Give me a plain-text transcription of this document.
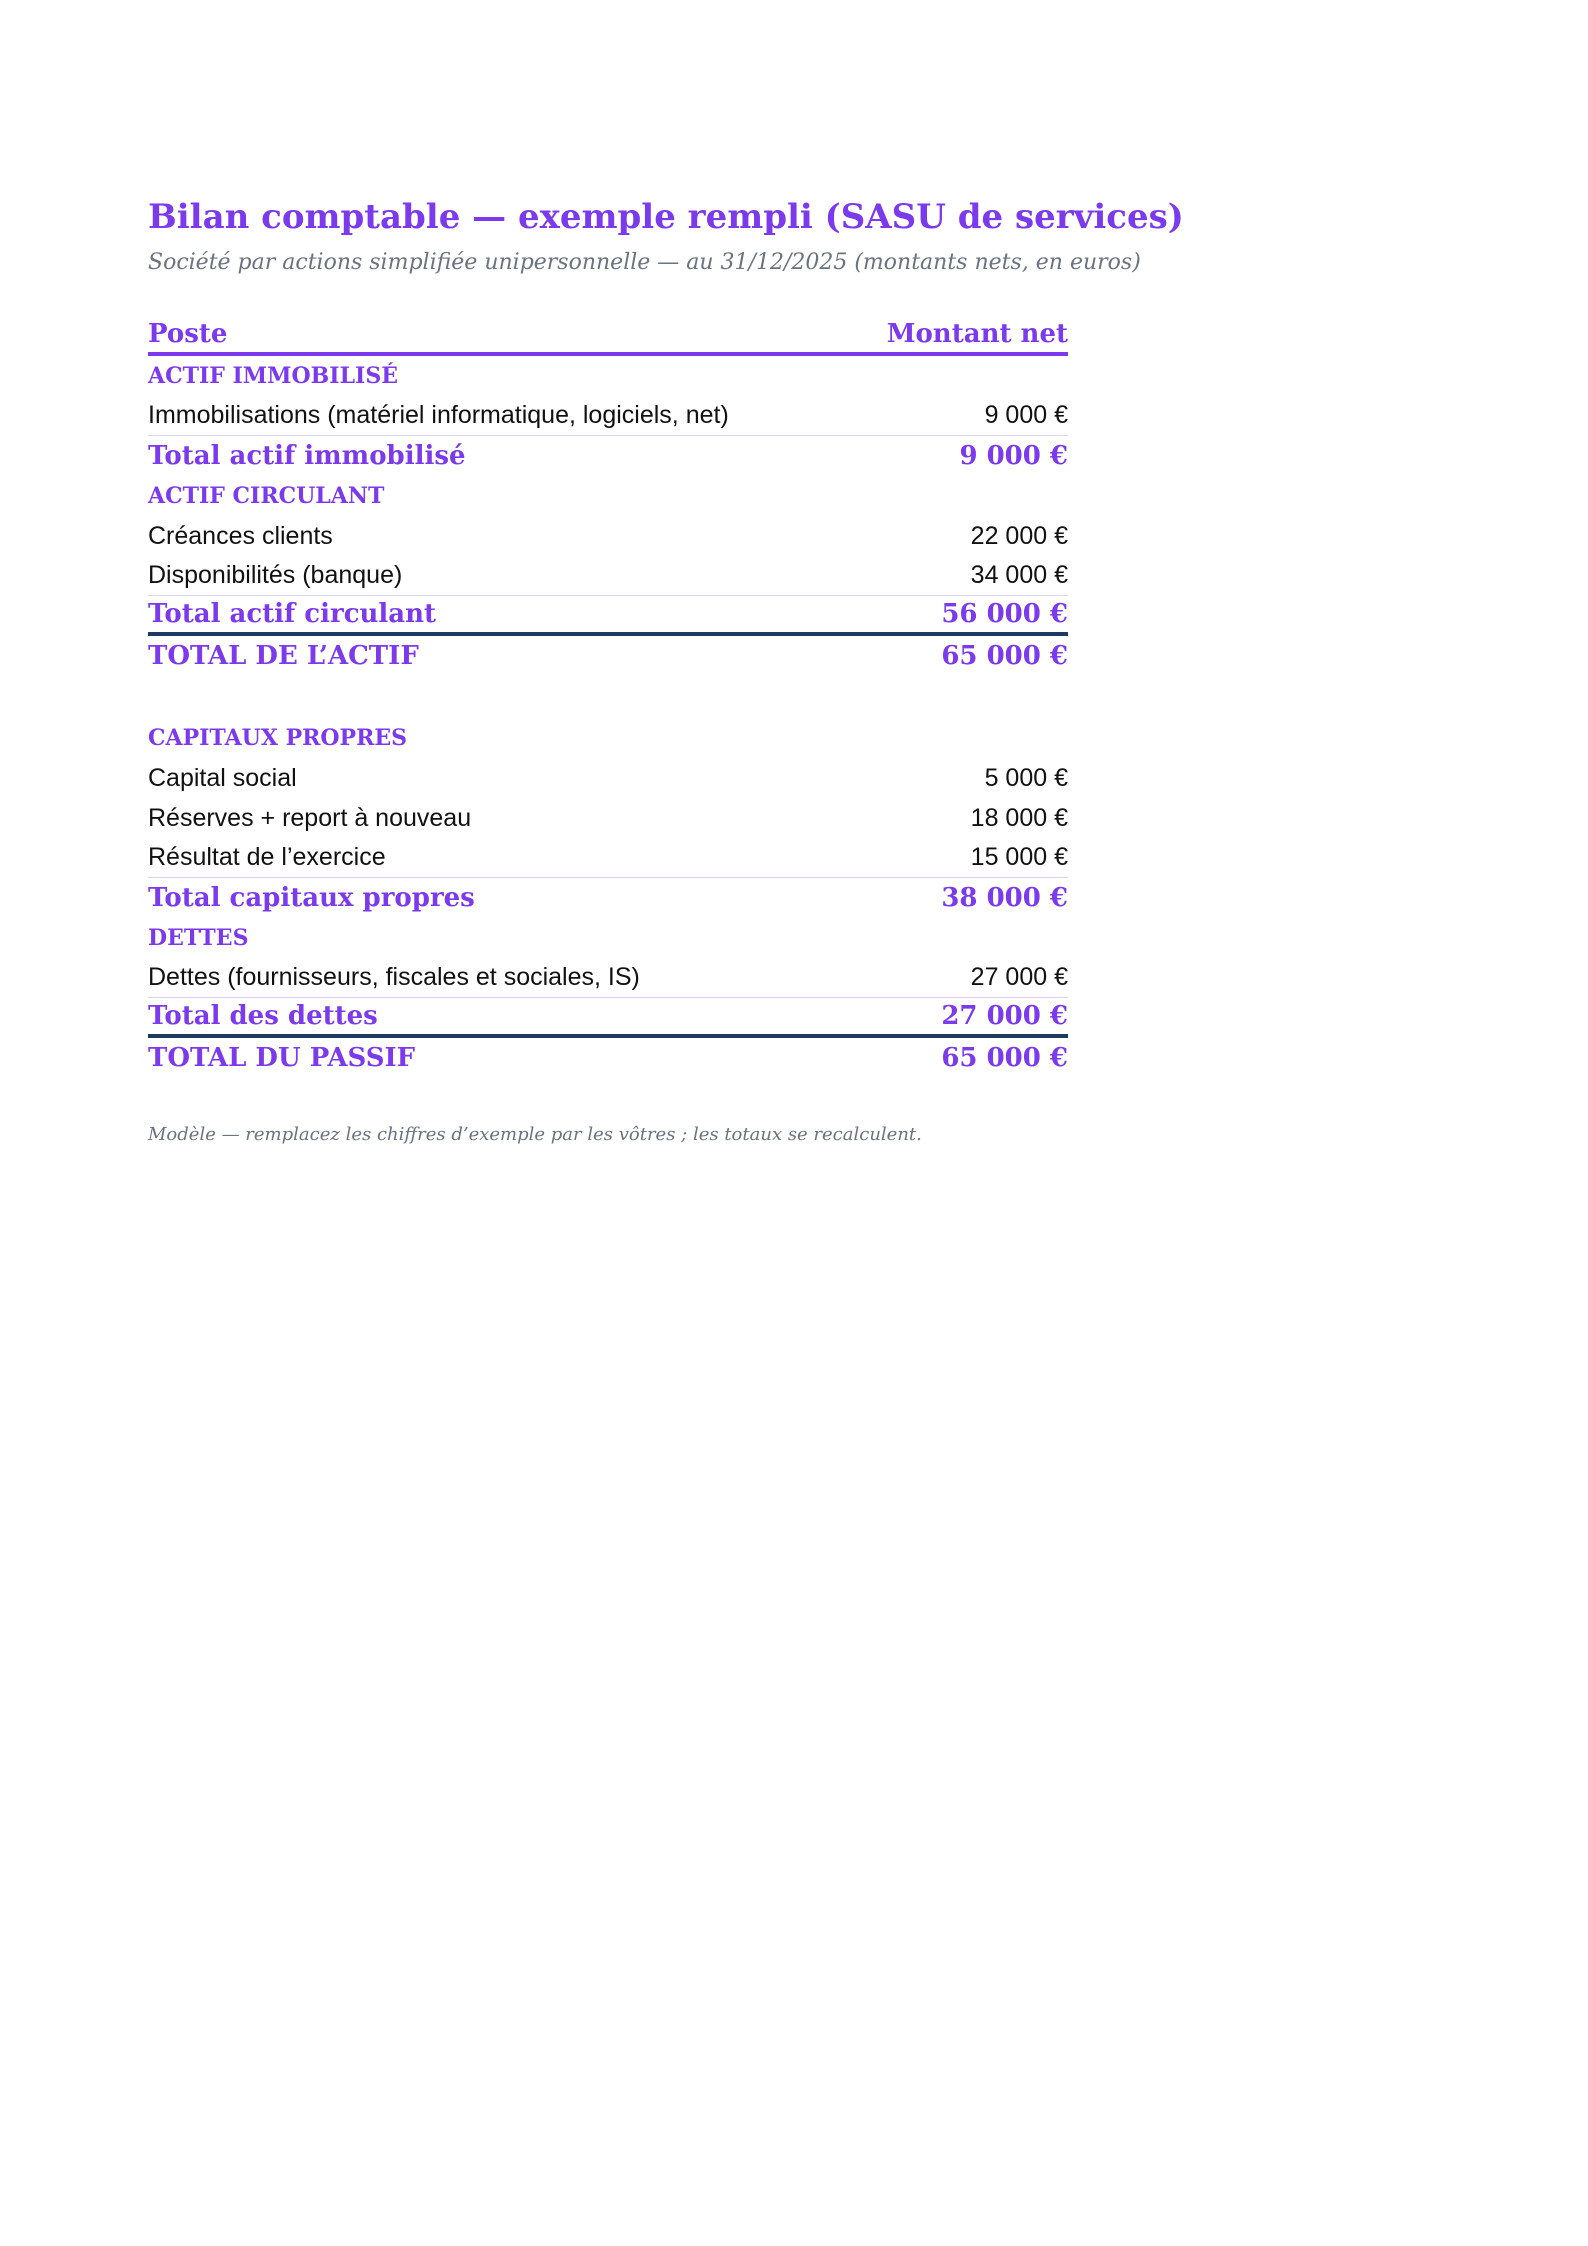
Bilan comptable — exemple rempli (SASU de services)
Société par actions simplifiée unipersonnelle — au 31/12/2025 (montants nets, en euros)
Poste	Montant net
ACTIF IMMOBILISÉ
Immobilisations (matériel informatique, logiciels, net)	9 000 €
Total actif immobilisé	9 000 €
ACTIF CIRCULANT
Créances clients	22 000 €
Disponibilités (banque)	34 000 €
Total actif circulant	56 000 €
TOTAL DE L’ACTIF	65 000 €
CAPITAUX PROPRES
Capital social	5 000 €
Réserves + report à nouveau	18 000 €
Résultat de l’exercice	15 000 €
Total capitaux propres	38 000 €
DETTES
Dettes (fournisseurs, fiscales et sociales, IS)	27 000 €
Total des dettes	27 000 €
TOTAL DU PASSIF	65 000 €
Modèle — remplacez les chiffres d’exemple par les vôtres ; les totaux se recalculent.
